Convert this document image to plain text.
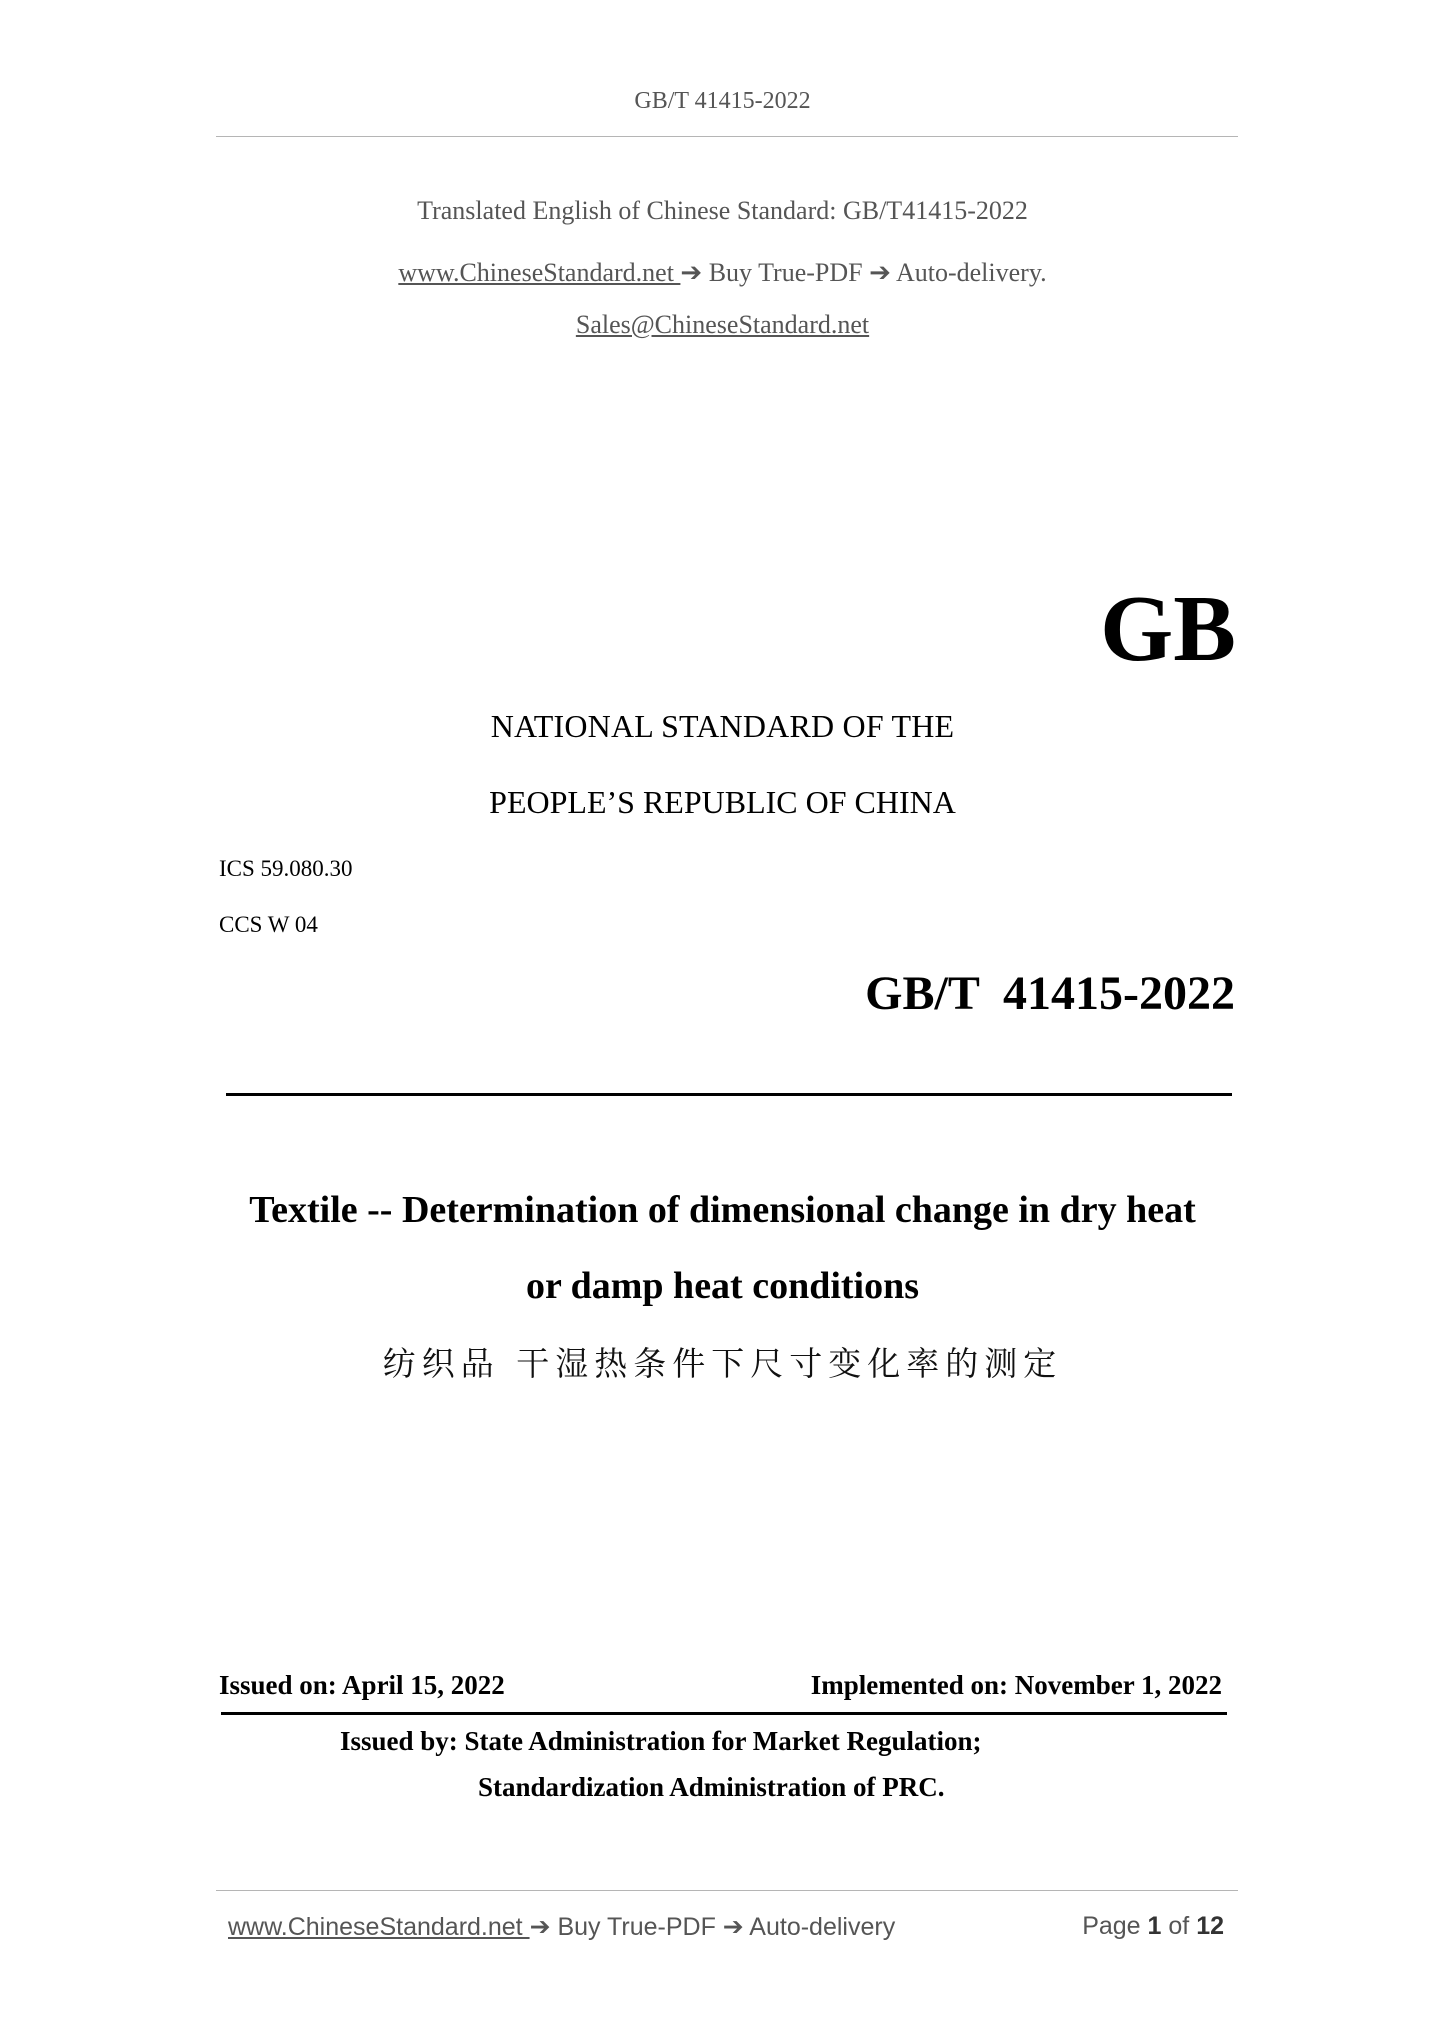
GB/T 41415-2022
Translated English of Chinese Standard: GB/T41415-2022
www.ChineseStandard.net ➔ Buy True-PDF ➔ Auto-delivery.
Sales@ChineseStandard.net
GB
NATIONAL STANDARD OF THE
PEOPLE’S REPUBLIC OF CHINA
ICS 59.080.30
CCS W 04
GB/T  41415-2022
Textile -- Determination of dimensional change in dry heat
or damp heat conditions
纺织品 干湿热条件下尺寸变化率的测定
Issued on: April 15, 2022	Implemented on: November 1, 2022
Issued by: State Administration for Market Regulation;
Standardization Administration of PRC.
www.ChineseStandard.net ➔ Buy True-PDF ➔ Auto-delivery	Page 1 of 12
